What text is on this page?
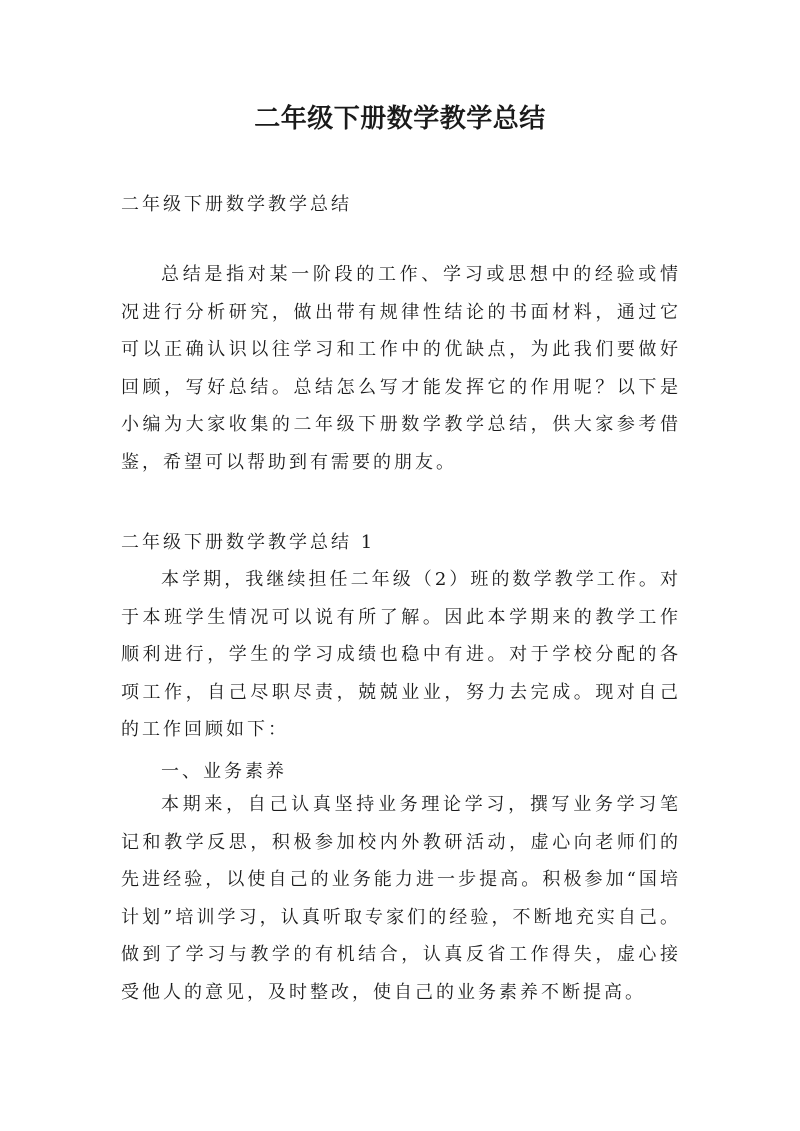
二年级下册数学教学总结

二年级下册数学教学总结

总结是指对某一阶段的工作、学习或思想中的经验或情况进行分析研究，做出带有规律性结论的书面材料，通过它可以正确认识以往学习和工作中的优缺点，为此我们要做好回顾，写好总结。总结怎么写才能发挥它的作用呢？以下是小编为大家收集的二年级下册数学教学总结，供大家参考借鉴，希望可以帮助到有需要的朋友。

二年级下册数学教学总结 1

本学期，我继续担任二年级（2）班的数学教学工作。对于本班学生情况可以说有所了解。因此本学期来的教学工作顺利进行，学生的学习成绩也稳中有进。对于学校分配的各项工作，自己尽职尽责，兢兢业业，努力去完成。现对自己的工作回顾如下：

一、业务素养

本期来，自己认真坚持业务理论学习，撰写业务学习笔记和教学反思，积极参加校内外教研活动，虚心向老师们的先进经验，以使自己的业务能力进一步提高。积极参加“国培计划”培训学习，认真听取专家们的经验，不断地充实自己。做到了学习与教学的有机结合，认真反省工作得失，虚心接受他人的意见，及时整改，使自己的业务素养不断提高。
